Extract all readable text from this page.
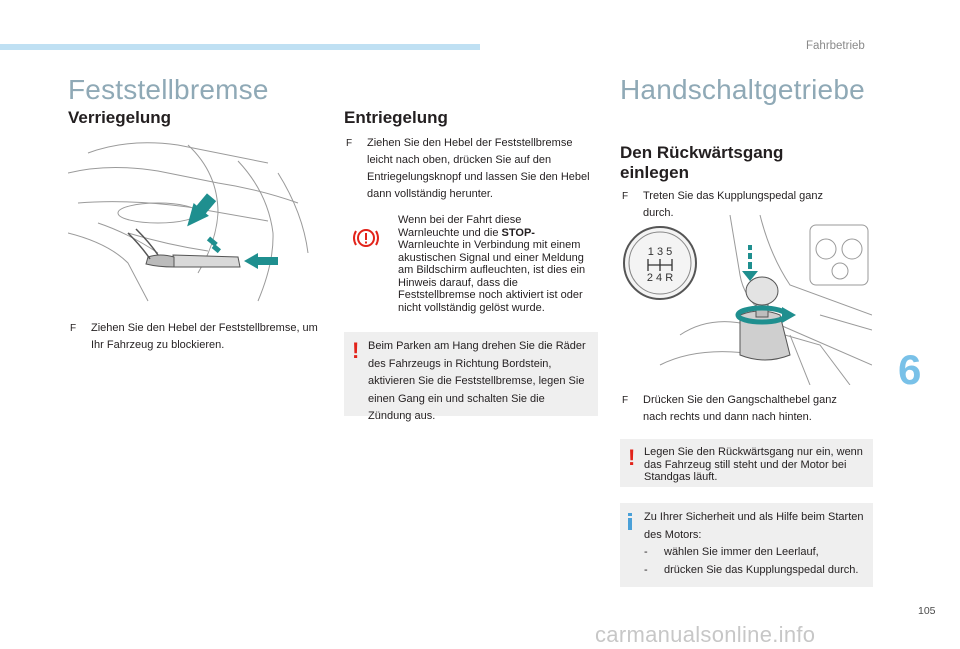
Fahrbetrieb
Feststellbremse
Verriegelung
F	Ziehen Sie den Hebel der Feststellbremse, um Ihr Fahrzeug zu blockieren.
Entriegelung
F	Ziehen Sie den Hebel der Feststellbremse leicht nach oben, drücken Sie auf den Entriegelungsknopf und lassen Sie den Hebel dann vollständig herunter.
Wenn bei der Fahrt diese
Warnleuchte und die STOP- Warnleuchte in Verbindung mit einem akustischen Signal und einer Meldung am Bildschirm aufleuchten, ist dies ein Hinweis darauf, dass die Feststellbremse noch aktiviert ist oder nicht vollständig gelöst wurde.
! Beim Parken am Hang drehen Sie die Räder des Fahrzeugs in Richtung Bordstein, aktivieren Sie die Feststellbremse, legen Sie einen Gang ein und schalten Sie die Zündung aus.
Handschaltgetriebe
Den Rückwärtsgang
einlegen
F	Treten Sie das Kupplungspedal ganz durch.
1 3 5
2 4 R
F	Drücken Sie den Gangschalthebel ganz nach rechts und dann nach hinten.
! Legen Sie den Rückwärtsgang nur ein, wenn das Fahrzeug still steht und der Motor bei Standgas läuft.
Zu Ihrer Sicherheit und als Hilfe beim Starten des Motors:
- wählen Sie immer den Leerlauf,
- drücken Sie das Kupplungspedal durch.
6
105
carmanualsonline.info
